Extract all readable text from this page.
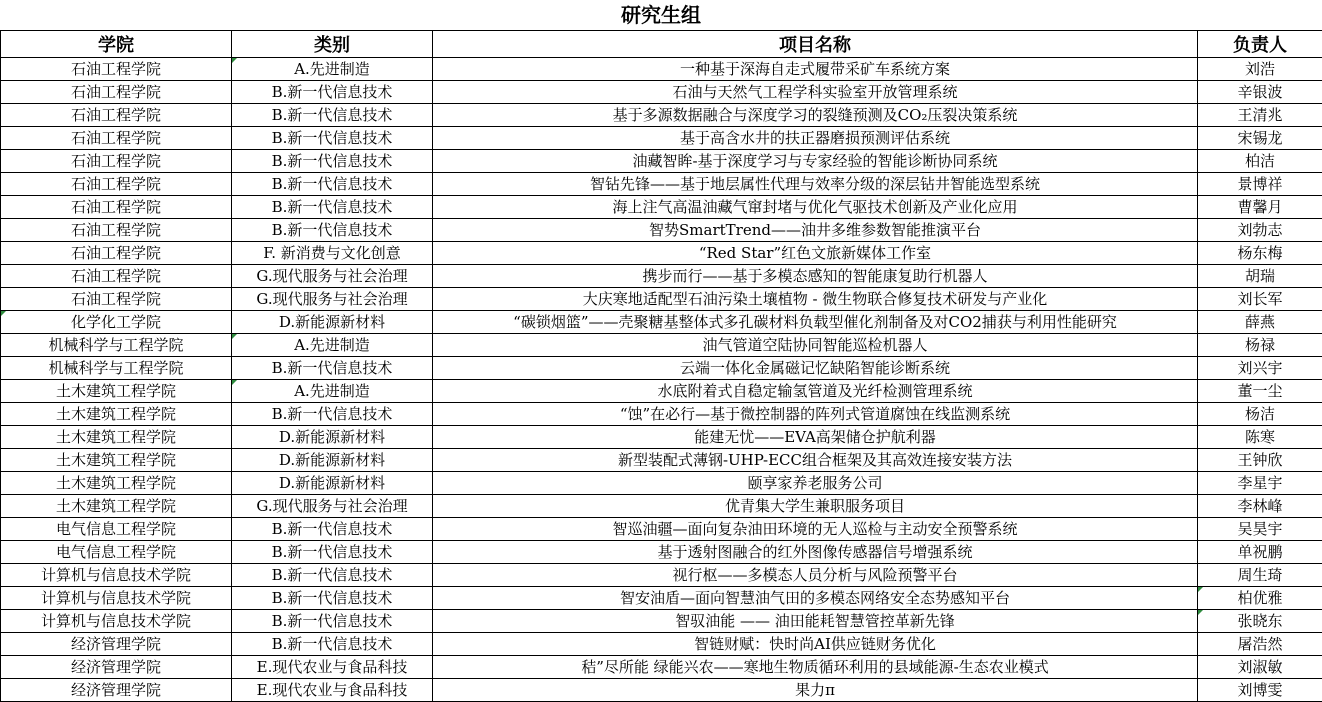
研究生组
学院	类别	项目名称	负责人
石油工程学院	A.先进制造	一种基于深海自走式履带采矿车系统方案	刘浩
石油工程学院	B.新一代信息技术	石油与天然气工程学科实验室开放管理系统	辛银波
石油工程学院	B.新一代信息技术	基于多源数据融合与深度学习的裂缝预测及CO₂压裂决策系统	王清兆
石油工程学院	B.新一代信息技术	基于高含水井的扶正器磨损预测评估系统	宋锡龙
石油工程学院	B.新一代信息技术	油藏智眸-基于深度学习与专家经验的智能诊断协同系统	柏洁
石油工程学院	B.新一代信息技术	智钻先锋——基于地层属性代理与效率分级的深层钻井智能选型系统	景博祥
石油工程学院	B.新一代信息技术	海上注气高温油藏气窜封堵与优化气驱技术创新及产业化应用	曹馨月
石油工程学院	B.新一代信息技术	智势SmartTrend——油井多维参数智能推演平台	刘勃志
石油工程学院	F. 新消费与文化创意	“Red Star”红色文旅新媒体工作室	杨东梅
石油工程学院	G.现代服务与社会治理	携步而行——基于多模态感知的智能康复助行机器人	胡瑞
石油工程学院	G.现代服务与社会治理	大庆寒地适配型石油污染土壤植物 - 微生物联合修复技术研发与产业化	刘长军
化学化工学院	D.新能源新材料	“碳锁烟篮”——壳聚糖基整体式多孔碳材料负载型催化剂制备及对CO2捕获与利用性能研究	薛燕
机械科学与工程学院	A.先进制造	油气管道空陆协同智能巡检机器人	杨禄
机械科学与工程学院	B.新一代信息技术	云端一体化金属磁记忆缺陷智能诊断系统	刘兴宇
土木建筑工程学院	A.先进制造	水底附着式自稳定输氢管道及光纤检测管理系统	董一尘
土木建筑工程学院	B.新一代信息技术	“蚀”在必行—基于微控制器的阵列式管道腐蚀在线监测系统	杨洁
土木建筑工程学院	D.新能源新材料	能建无忧——EVA高架储仓护航利器	陈寒
土木建筑工程学院	D.新能源新材料	新型装配式薄钢-UHP-ECC组合框架及其高效连接安装方法	王钟欣
土木建筑工程学院	D.新能源新材料	颐享家养老服务公司	李星宇
土木建筑工程学院	G.现代服务与社会治理	优青集大学生兼职服务项目	李林峰
电气信息工程学院	B.新一代信息技术	智巡油疆—面向复杂油田环境的无人巡检与主动安全预警系统	吴昊宇
电气信息工程学院	B.新一代信息技术	基于透射图融合的红外图像传感器信号增强系统	单祝鹏
计算机与信息技术学院	B.新一代信息技术	视行枢——多模态人员分析与风险预警平台	周生琦
计算机与信息技术学院	B.新一代信息技术	智安油盾—面向智慧油气田的多模态网络安全态势感知平台	柏优雅
计算机与信息技术学院	B.新一代信息技术	智驭油能 —— 油田能耗智慧管控革新先锋	张晓东
经济管理学院	B.新一代信息技术	智链财赋：快时尚AI供应链财务优化	屠浩然
经济管理学院	E.现代农业与食品科技	秸”尽所能 绿能兴农——寒地生物质循环利用的县域能源-生态农业模式	刘淑敏
经济管理学院	E.现代农业与食品科技	果力π	刘博雯
